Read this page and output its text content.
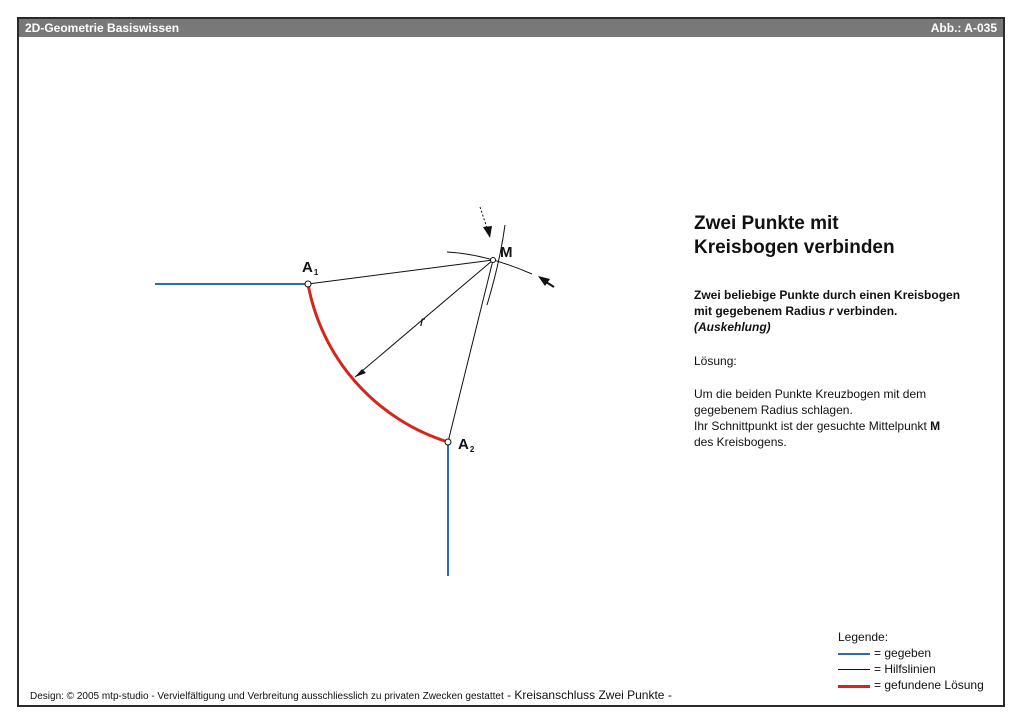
2D-Geometrie Basiswissen	Abb.: A-035
$A_1$
$A_2$
M
r
Zwei Punkte mit
Kreisbogen verbinden
Zwei beliebige Punkte durch einen Kreisbogen
mit gegebenem Radius r verbinden.
(Auskehlung)
Lösung:
Um die beiden Punkte Kreuzbogen mit dem
gegebenem Radius schlagen.
Ihr Schnittpunkt ist der gesuchte Mittelpunkt M
des Kreisbogens.
Legende:
= gegeben
= Hilfslinien
= gefundene Lösung
Design: © 2005 mtp-studio - Vervielfältigung und Verbreitung ausschliesslich zu privaten Zwecken gestattet - Kreisanschluss Zwei Punkte -
